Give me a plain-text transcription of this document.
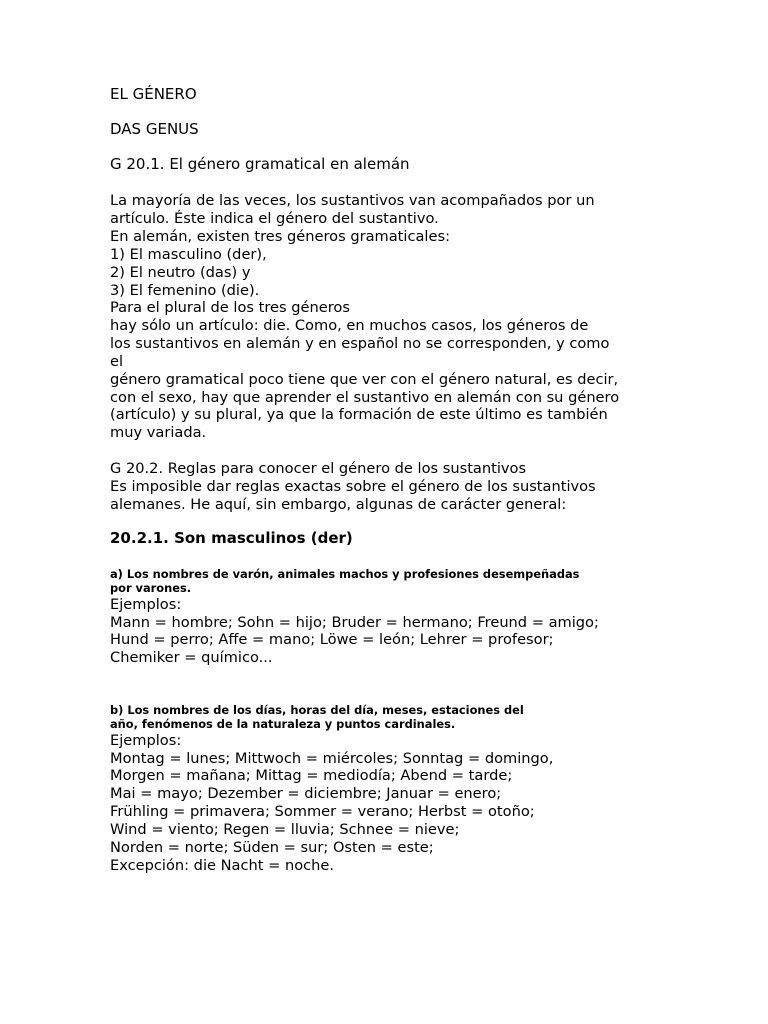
EL GÉNERO
DAS GENUS
G 20.1. El género gramatical en alemán
La mayoría de las veces, los sustantivos van acompañados por un
artículo. Éste indica el género del sustantivo.
En alemán, existen tres géneros gramaticales:
1) El masculino (der),
2) El neutro (das) y
3) El femenino (die).
Para el plural de los tres géneros
hay sólo un artículo: die. Como, en muchos casos, los géneros de
los sustantivos en alemán y en español no se corresponden, y como
el
género gramatical poco tiene que ver con el género natural, es decir,
con el sexo, hay que aprender el sustantivo en alemán con su género
(artículo) y su plural, ya que la formación de este último es también
muy variada.
G 20.2. Reglas para conocer el género de los sustantivos
Es imposible dar reglas exactas sobre el género de los sustantivos
alemanes. He aquí, sin embargo, algunas de carácter general:
20.2.1. Son masculinos (der)
a) Los nombres de varón, animales machos y profesiones desempeñadas
por varones.
Ejemplos:
Mann = hombre; Sohn = hijo; Bruder = hermano; Freund = amigo;
Hund = perro; Affe = mano; Löwe = león; Lehrer = profesor;
Chemiker = químico...
b) Los nombres de los días, horas del día, meses, estaciones del
año, fenómenos de la naturaleza y puntos cardinales.
Ejemplos:
Montag = lunes; Mittwoch = miércoles; Sonntag = domingo,
Morgen = mañana; Mittag = mediodía; Abend = tarde;
Mai = mayo; Dezember = diciembre; Januar = enero;
Frühling = primavera; Sommer = verano; Herbst = otoño;
Wind = viento; Regen = lluvia; Schnee = nieve;
Norden = norte; Süden = sur; Osten = este;
Excepción: die Nacht = noche.
